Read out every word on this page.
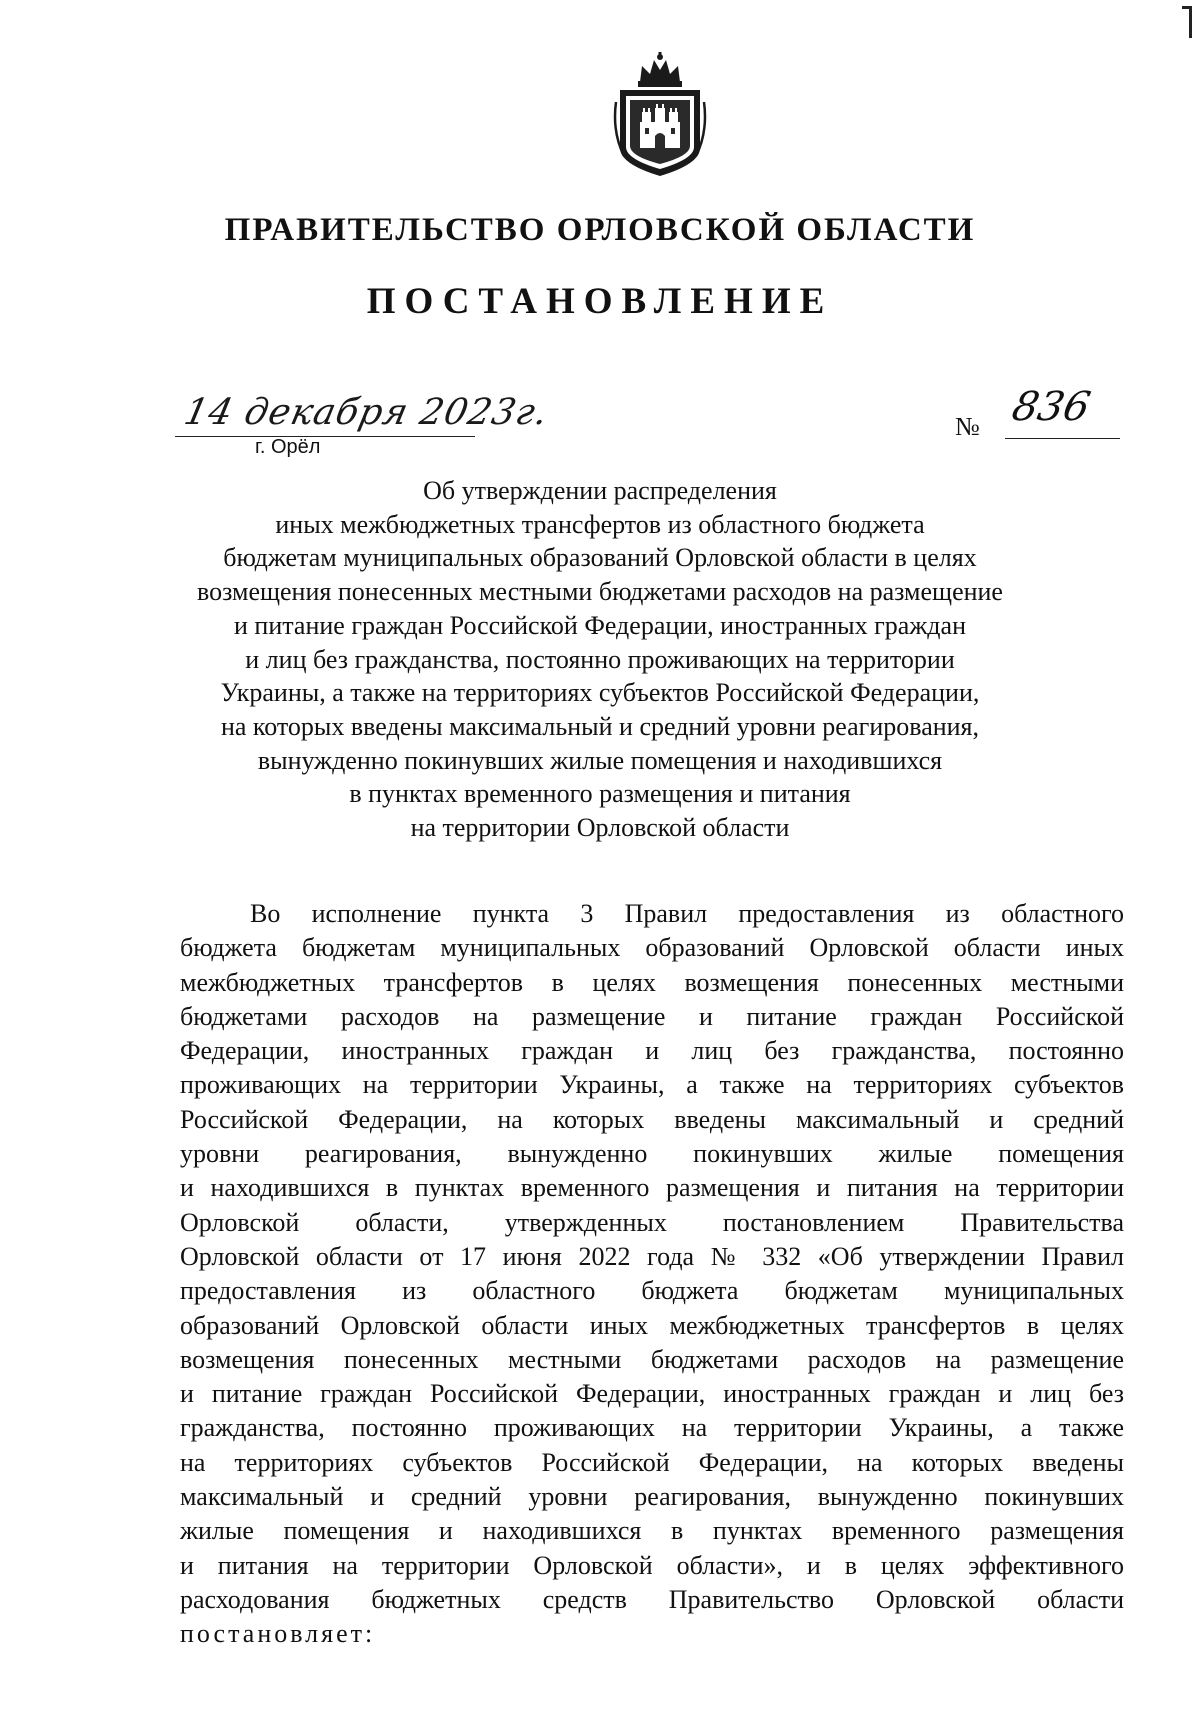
ПРАВИТЕЛЬСТВО ОРЛОВСКОЙ ОБЛАСТИ
ПОСТАНОВЛЕНИЕ
14 декабря 2023г.
г. Орёл
№ 836
Об утверждении распределения
иных межбюджетных трансфертов из областного бюджета
бюджетам муниципальных образований Орловской области в целях
возмещения понесенных местными бюджетами расходов на размещение
и питание граждан Российской Федерации, иностранных граждан
и лиц без гражданства, постоянно проживающих на территории
Украины, а также на территориях субъектов Российской Федерации,
на которых введены максимальный и средний уровни реагирования,
вынужденно покинувших жилые помещения и находившихся
в пунктах временного размещения и питания
на территории Орловской области
Во исполнение пункта 3 Правил предоставления из областного
бюджета бюджетам муниципальных образований Орловской области иных
межбюджетных трансфертов в целях возмещения понесенных местными
бюджетами расходов на размещение и питание граждан Российской
Федерации, иностранных граждан и лиц без гражданства, постоянно
проживающих на территории Украины, а также на территориях субъектов
Российской Федерации, на которых введены максимальный и средний
уровни реагирования, вынужденно покинувших жилые помещения
и находившихся в пунктах временного размещения и питания на территории
Орловской области, утвержденных постановлением Правительства
Орловской области от 17 июня 2022 года № 332 «Об утверждении Правил
предоставления из областного бюджета бюджетам муниципальных
образований Орловской области иных межбюджетных трансфертов в целях
возмещения понесенных местными бюджетами расходов на размещение
и питание граждан Российской Федерации, иностранных граждан и лиц без
гражданства, постоянно проживающих на территории Украины, а также
на территориях субъектов Российской Федерации, на которых введены
максимальный и средний уровни реагирования, вынужденно покинувших
жилые помещения и находившихся в пунктах временного размещения
и питания на территории Орловской области», и в целях эффективного
расходования бюджетных средств Правительство Орловской области
постановляет:
